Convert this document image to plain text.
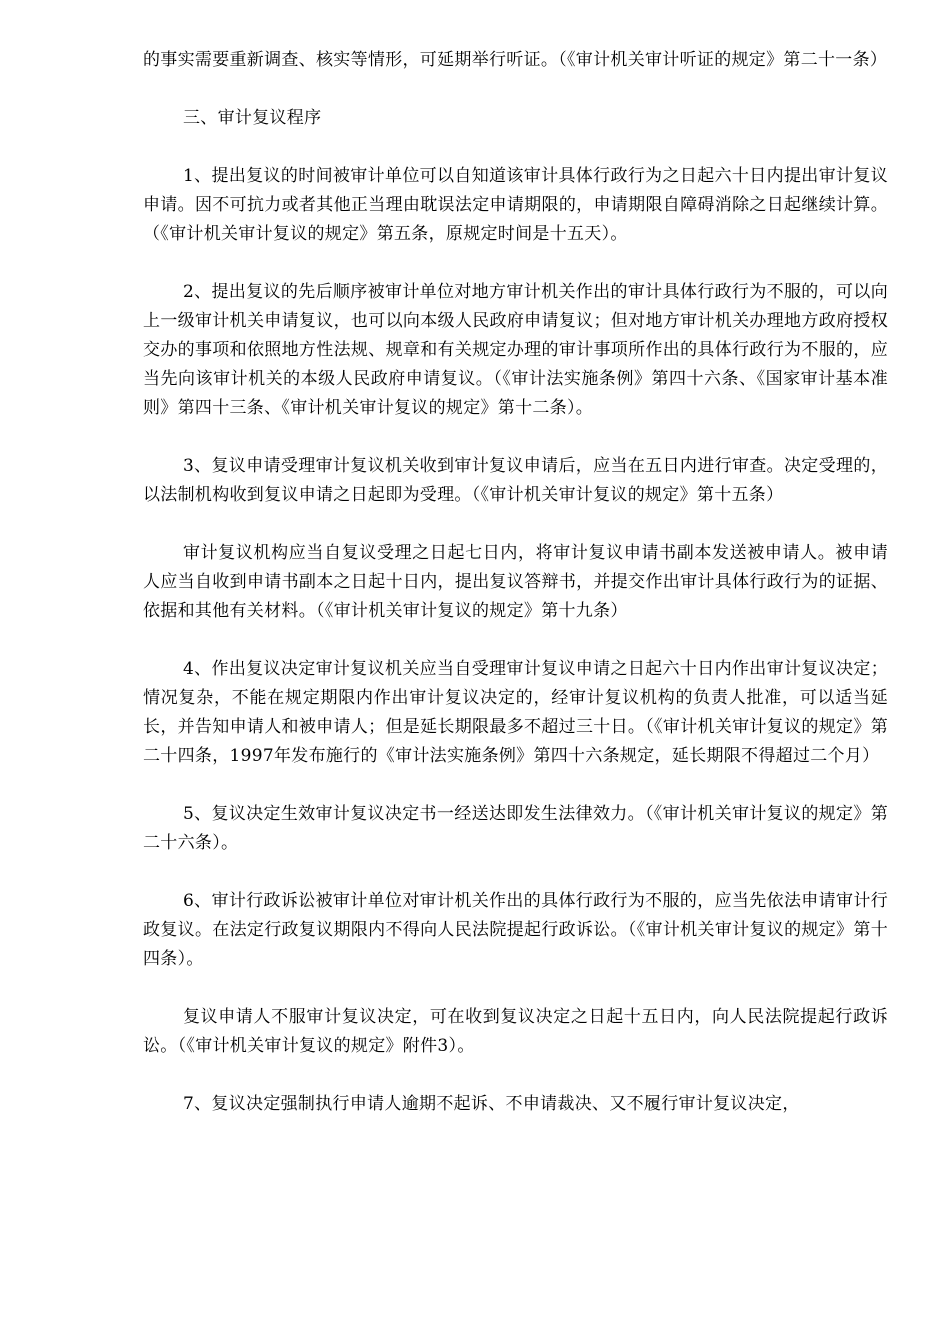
的事实需要重新调查、核实等情形，可延期举行听证。（《审计机关审计听证的规定》第二十一条）

三、审计复议程序

1、提出复议的时间被审计单位可以自知道该审计具体行政行为之日起六十日内提出审计复议申请。因不可抗力或者其他正当理由耽误法定申请期限的，申请期限自障碍消除之日起继续计算。（《审计机关审计复议的规定》第五条，原规定时间是十五天）。

2、提出复议的先后顺序被审计单位对地方审计机关作出的审计具体行政行为不服的，可以向上一级审计机关申请复议，也可以向本级人民政府申请复议；但对地方审计机关办理地方政府授权交办的事项和依照地方性法规、规章和有关规定办理的审计事项所作出的具体行政行为不服的，应当先向该审计机关的本级人民政府申请复议。（《审计法实施条例》第四十六条、《国家审计基本准则》第四十三条、《审计机关审计复议的规定》第十二条）。

3、复议申请受理审计复议机关收到审计复议申请后，应当在五日内进行审查。决定受理的，以法制机构收到复议申请之日起即为受理。（《审计机关审计复议的规定》第十五条）

审计复议机构应当自复议受理之日起七日内，将审计复议申请书副本发送被申请人。被申请人应当自收到申请书副本之日起十日内，提出复议答辩书，并提交作出审计具体行政行为的证据、依据和其他有关材料。（《审计机关审计复议的规定》第十九条）

4、作出复议决定审计复议机关应当自受理审计复议申请之日起六十日内作出审计复议决定；情况复杂，不能在规定期限内作出审计复议决定的，经审计复议机构的负责人批准，可以适当延长，并告知申请人和被申请人；但是延长期限最多不超过三十日。（《审计机关审计复议的规定》第二十四条，1997年发布施行的《审计法实施条例》第四十六条规定，延长期限不得超过二个月）

5、复议决定生效审计复议决定书一经送达即发生法律效力。（《审计机关审计复议的规定》第二十六条）。

6、审计行政诉讼被审计单位对审计机关作出的具体行政行为不服的，应当先依法申请审计行政复议。在法定行政复议期限内不得向人民法院提起行政诉讼。（《审计机关审计复议的规定》第十四条）。

复议申请人不服审计复议决定，可在收到复议决定之日起十五日内，向人民法院提起行政诉讼。（《审计机关审计复议的规定》附件3）。

7、复议决定强制执行申请人逾期不起诉、不申请裁决、又不履行审计复议决定，
